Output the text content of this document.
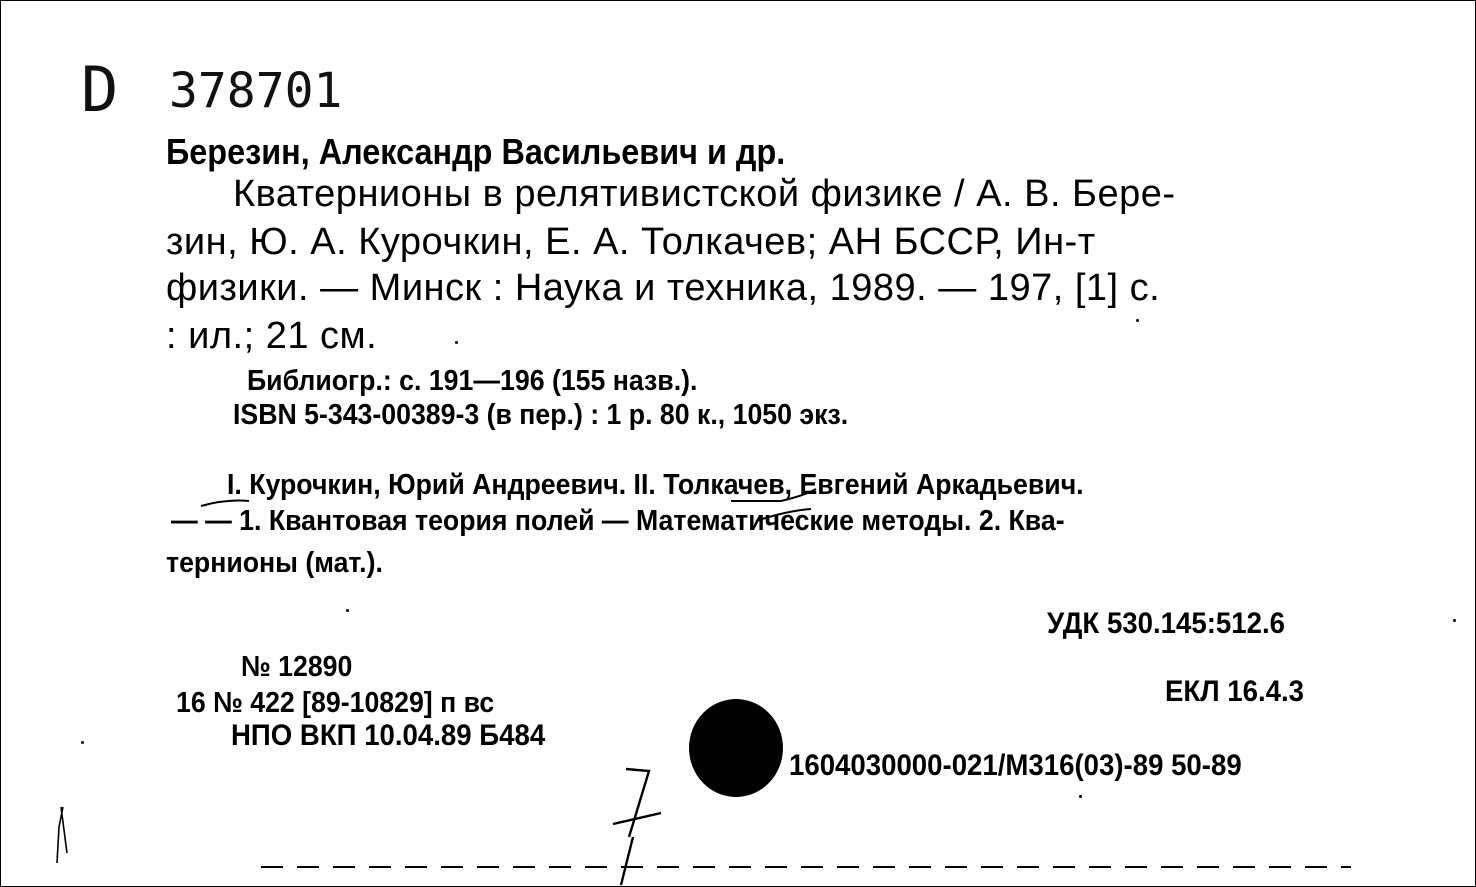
D 378701
Березин, Александр Васильевич и др.
Кватернионы в релятивистской физике / А. В. Бере-
зин, Ю. А. Курочкин, Е. А. Толкачев; АН БССР, Ин-т
физики. — Минск : Наука и техника, 1989. — 197, [1] с.
: ил.; 21 см.
Библиогр.: с. 191—196 (155 назв.).
ISBN 5-343-00389-3 (в пер.) : 1 р. 80 к., 1050 экз.
I. Курочкин, Юрий Андреевич. II. Толкачев, Евгений Аркадьевич.
— — 1. Квантовая теория полей — Математические методы. 2. Ква-
тернионы (мат.).
УДК 530.145:512.6
ЕКЛ 16.4.3
№ 12890
16 № 422 [89-10829] п вс
НПО ВКП 10.04.89 Б484
1604030000-021/М316(03)-89 50-89
